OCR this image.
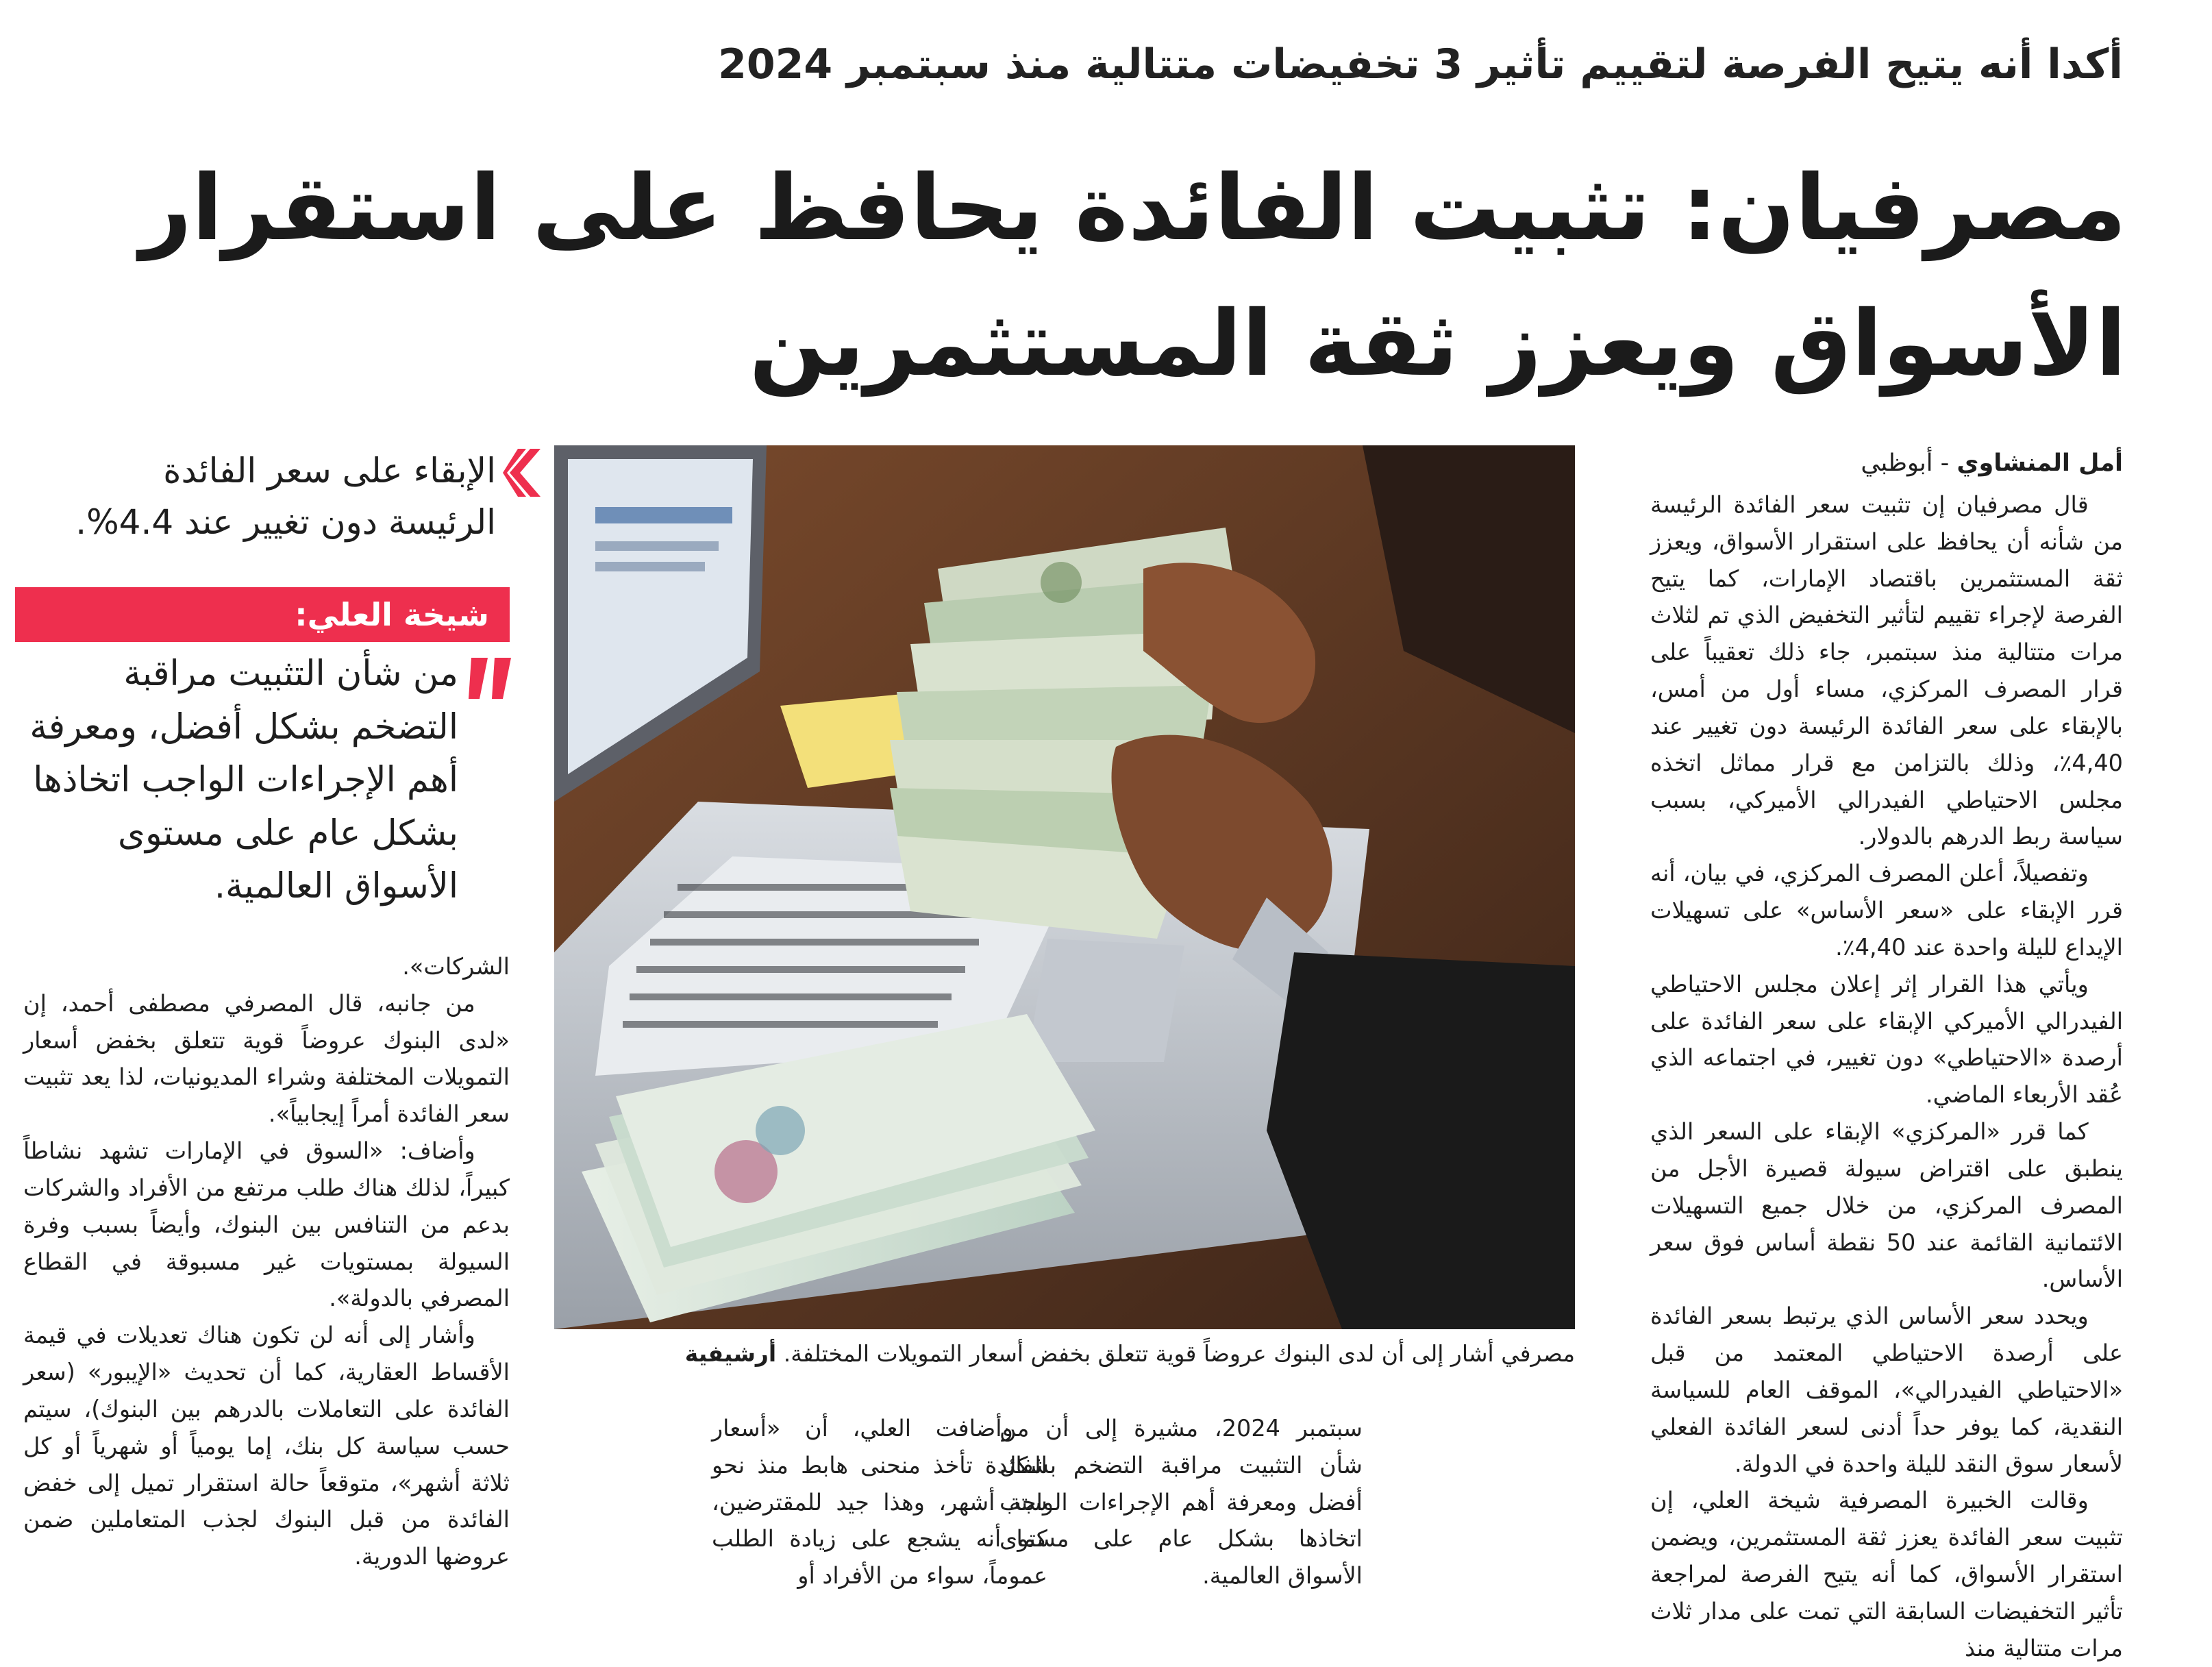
أكدا أنه يتيح الفرصة لتقييم تأثير 3 تخفيضات متتالية منذ سبتمبر 2024
مصرفيان: تثبيت الفائدة يحافظ على استقرار
الأسواق ويعزز ثقة المستثمرين
أمل المنشاوي - أبوظبي

قال مصرفيان إن تثبيت سعر الفائدة الرئيسة من شأنه أن يحافظ على استقرار الأسواق، ويعزز ثقة المستثمرين باقتصاد الإمارات، كما يتيح الفرصة لإجراء تقييم لتأثير التخفيض الذي تم لثلاث مرات متتالية منذ سبتمبر، جاء ذلك تعقيباً على قرار المصرف المركزي، مساء أول من أمس، بالإبقاء على سعر الفائدة الرئيسة دون تغيير عند 4,40٪، وذلك بالتزامن مع قرار مماثل اتخذه مجلس الاحتياطي الفيدرالي الأميركي، بسبب سياسة ربط الدرهم بالدولار.

وتفصيلاً، أعلن المصرف المركزي، في بيان، أنه قرر الإبقاء على «سعر الأساس» على تسهيلات الإيداع لليلة واحدة عند 4,40٪.

ويأتي هذا القرار إثر إعلان مجلس الاحتياطي الفيدرالي الأميركي الإبقاء على سعر الفائدة على أرصدة «الاحتياطي» دون تغيير، في اجتماعه الذي عُقد الأربعاء الماضي.

كما قرر «المركزي» الإبقاء على السعر الذي ينطبق على اقتراض سيولة قصيرة الأجل من المصرف المركزي، من خلال جميع التسهيلات الائتمانية القائمة عند 50 نقطة أساس فوق سعر الأساس.

ويحدد سعر الأساس الذي يرتبط بسعر الفائدة على أرصدة الاحتياطي المعتمد من قبل «الاحتياطي الفيدرالي»، الموقف العام للسياسة النقدية، كما يوفر حداً أدنى لسعر الفائدة الفعلي لأسعار سوق النقد لليلة واحدة في الدولة.

وقالت الخبيرة المصرفية شيخة العلي، إن تثبيت سعر الفائدة يعزز ثقة المستثمرين، ويضمن استقرار الأسواق، كما أنه يتيح الفرصة لمراجعة تأثير التخفيضات السابقة التي تمت على مدار ثلاث مرات متتالية منذ

مصرفي أشار إلى أن لدى البنوك عروضاً قوية تتعلق بخفض أسعار التمويلات المختلفة. أرشيفية

سبتمبر 2024، مشيرة إلى أن من شأن التثبيت مراقبة التضخم بشكل أفضل ومعرفة أهم الإجراءات الواجب اتخاذها بشكل عام على مستوى الأسواق العالمية.

وأضافت العلي، أن «أسعار الفائدة تأخذ منحنى هابط منذ نحو ستة أشهر، وهذا جيد للمقترضين، كما أنه يشجع على زيادة الطلب عموماً، سواء من الأفراد أو

الإبقاء على سعر الفائدة
الرئيسة دون تغيير عند 4.4%.
شيخة العلي:
من شأن التثبيت مراقبة
التضخم بشكل أفضل، ومعرفة
أهم الإجراءات الواجب اتخاذها
بشكل عام على مستوى
الأسواق العالمية.

الشركات».

من جانبه، قال المصرفي مصطفى أحمد، إن «لدى البنوك عروضاً قوية تتعلق بخفض أسعار التمويلات المختلفة وشراء المديونيات، لذا يعد تثبيت سعر الفائدة أمراً إيجابياً».

وأضاف: «السوق في الإمارات تشهد نشاطاً كبيراً، لذلك هناك طلب مرتفع من الأفراد والشركات بدعم من التنافس بين البنوك، وأيضاً بسبب وفرة السيولة بمستويات غير مسبوقة في القطاع المصرفي بالدولة».

وأشار إلى أنه لن تكون هناك تعديلات في قيمة الأقساط العقارية، كما أن تحديث «الإيبور» (سعر الفائدة على التعاملات بالدرهم بين البنوك)، سيتم حسب سياسة كل بنك، إما يومياً أو شهرياً أو كل ثلاثة أشهر»، متوقعاً حالة استقرار تميل إلى خفض الفائدة من قبل البنوك لجذب المتعاملين ضمن عروضها الدورية.
